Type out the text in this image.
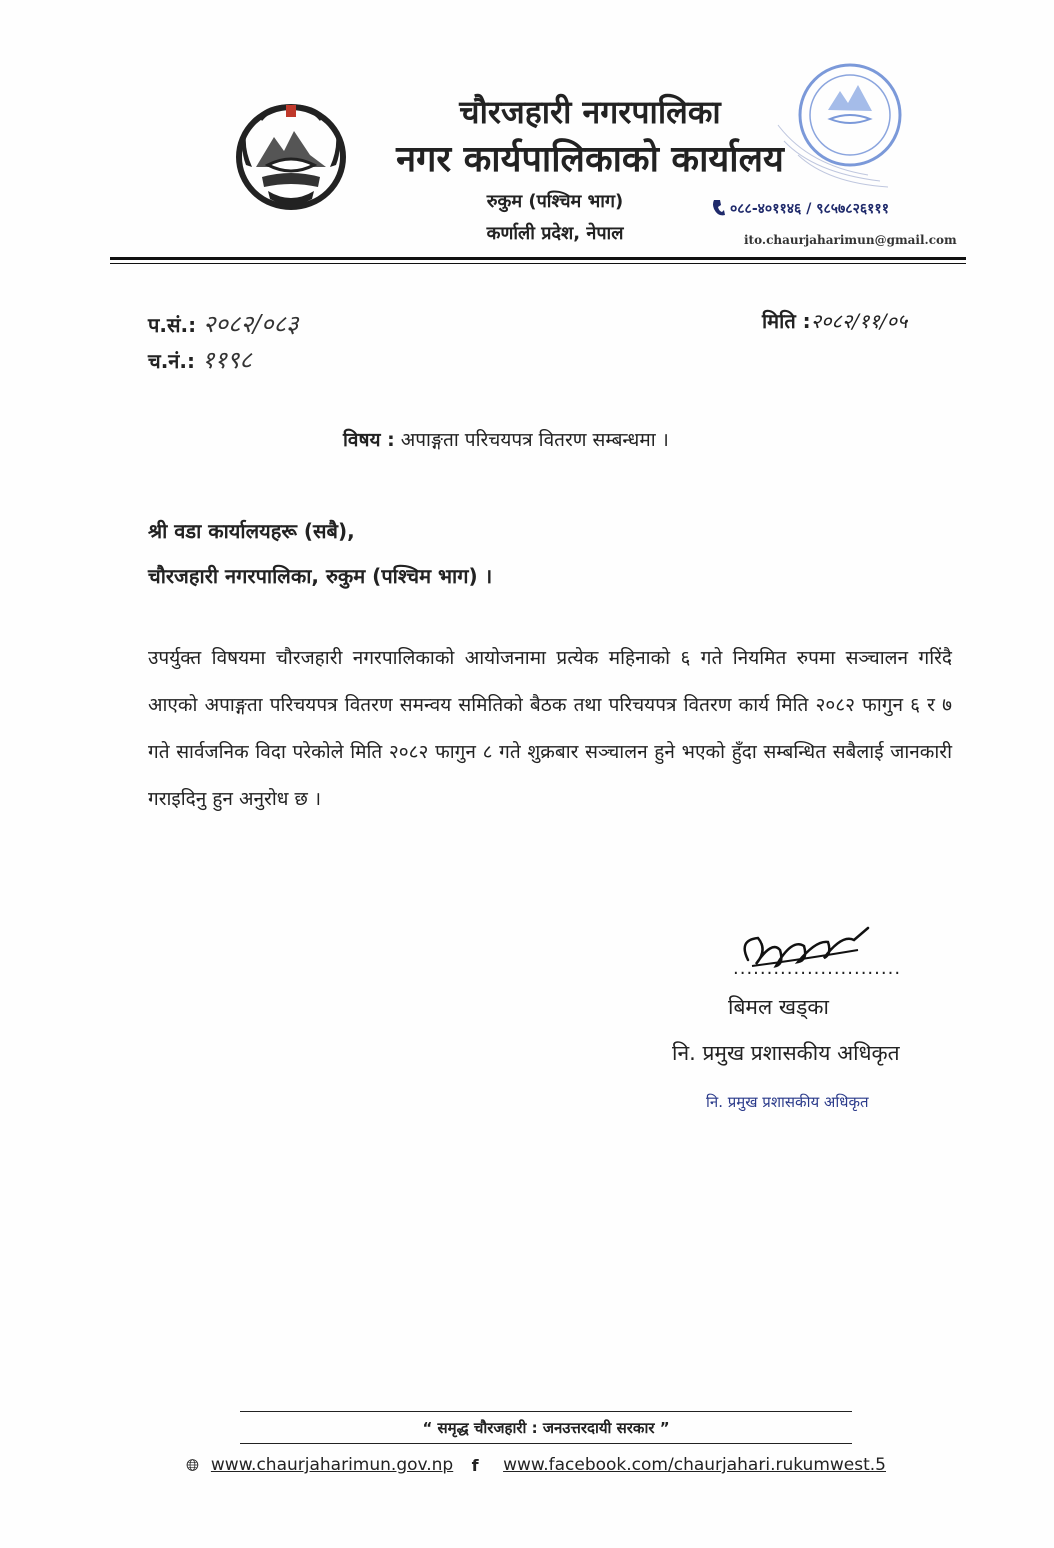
चौरजहारी नगरपालिका
नगर कार्यपालिकाको कार्यालय
रुकुम (पश्चिम भाग)
कर्णाली प्रदेश, नेपाल
०८८-४०११४६ / ९८५७८२६१११
ito.chaurjaharimun@gmail.com
प.सं.: २०८२/०८३
च.नं.: ११९८
मिति :२०८२/११/०५
विषय : अपाङ्गता परिचयपत्र वितरण सम्बन्धमा ।
श्री वडा कार्यालयहरू (सबै),
चौरजहारी नगरपालिका, रुकुम (पश्चिम भाग) ।
उपर्युक्त विषयमा चौरजहारी नगरपालिकाको आयोजनामा प्रत्येक महिनाको ६ गते नियमित रुपमा सञ्चालन गरिंदै आएको अपाङ्गता परिचयपत्र वितरण समन्वय समितिको बैठक तथा परिचयपत्र वितरण कार्य मिति २०८२ फागुन ६ र ७ गते सार्वजनिक विदा परेकोले मिति २०८२ फागुन ८ गते शुक्रबार सञ्चालन हुने भएको हुँदा सम्बन्धित सबैलाई जानकारी गराइदिनु हुन अनुरोध छ ।
.........................
बिमल खड्का
नि. प्रमुख प्रशासकीय अधिकृत
नि. प्रमुख प्रशासकीय अधिकृत
“ समृद्ध चौरजहारी : जनउत्तरदायी सरकार ”
www.chaurjaharimun.gov.np f www.facebook.com/chaurjahari.rukumwest.5
